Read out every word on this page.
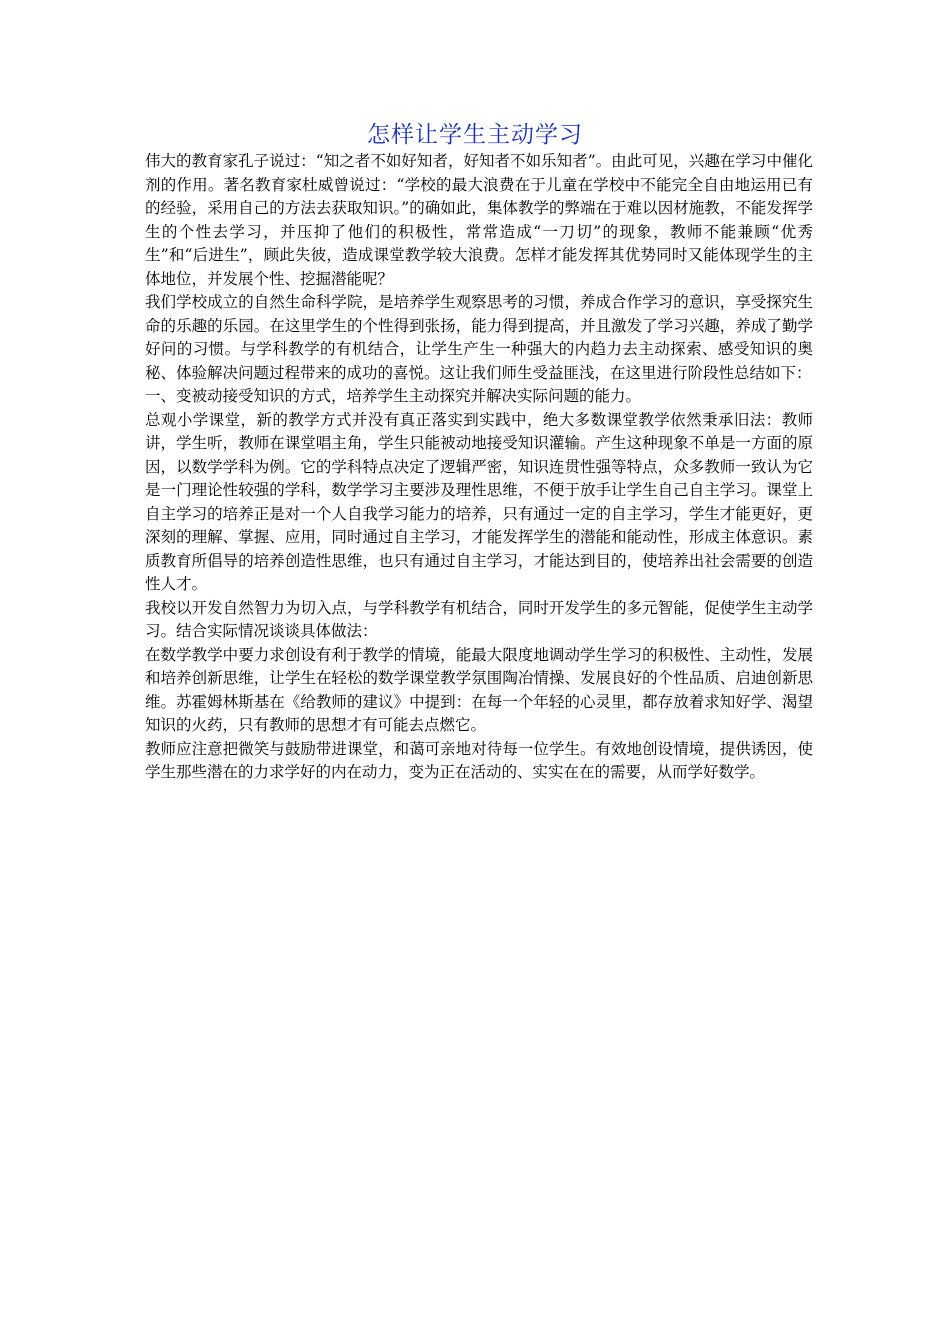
怎样让学生主动学习

伟大的教育家孔子说过：“知之者不如好知者，好知者不如乐知者”。由此可见，兴趣在学习中催化剂的作用。著名教育家杜威曾说过：“学校的最大浪费在于儿童在学校中不能完全自由地运用已有的经验，采用自己的方法去获取知识。”的确如此，集体教学的弊端在于难以因材施教，不能发挥学生的个性去学习，并压抑了他们的积极性，常常造成“一刀切”的现象，教师不能兼顾“优秀生”和“后进生”，顾此失彼，造成课堂教学较大浪费。怎样才能发挥其优势同时又能体现学生的主体地位，并发展个性、挖掘潜能呢？

我们学校成立的自然生命科学院，是培养学生观察思考的习惯，养成合作学习的意识，享受探究生命的乐趣的乐园。在这里学生的个性得到张扬，能力得到提高，并且激发了学习兴趣，养成了勤学好问的习惯。与学科教学的有机结合，让学生产生一种强大的内趋力去主动探索、感受知识的奥秘、体验解决问题过程带来的成功的喜悦。这让我们师生受益匪浅，在这里进行阶段性总结如下：

一、变被动接受知识的方式，培养学生主动探究并解决实际问题的能力。

总观小学课堂，新的教学方式并没有真正落实到实践中，绝大多数课堂教学依然秉承旧法：教师讲，学生听，教师在课堂唱主角，学生只能被动地接受知识灌输。产生这种现象不单是一方面的原因，以数学学科为例。它的学科特点决定了逻辑严密，知识连贯性强等特点，众多教师一致认为它是一门理论性较强的学科，数学学习主要涉及理性思维，不便于放手让学生自己自主学习。课堂上自主学习的培养正是对一个人自我学习能力的培养，只有通过一定的自主学习，学生才能更好，更深刻的理解、掌握、应用，同时通过自主学习，才能发挥学生的潜能和能动性，形成主体意识。素质教育所倡导的培养创造性思维，也只有通过自主学习，才能达到目的，使培养出社会需要的创造性人才。

我校以开发自然智力为切入点，与学科教学有机结合，同时开发学生的多元智能，促使学生主动学习。结合实际情况谈谈具体做法：

在数学教学中要力求创设有利于教学的情境，能最大限度地调动学生学习的积极性、主动性，发展和培养创新思维，让学生在轻松的数学课堂教学氛围陶冶情操、发展良好的个性品质、启迪创新思维。苏霍姆林斯基在《给教师的建议》中提到：在每一个年轻的心灵里，都存放着求知好学、渴望知识的火药，只有教师的思想才有可能去点燃它。

教师应注意把微笑与鼓励带进课堂，和蔼可亲地对待每一位学生。有效地创设情境，提供诱因，使学生那些潜在的力求学好的内在动力，变为正在活动的、实实在在的需要，从而学好数学。
